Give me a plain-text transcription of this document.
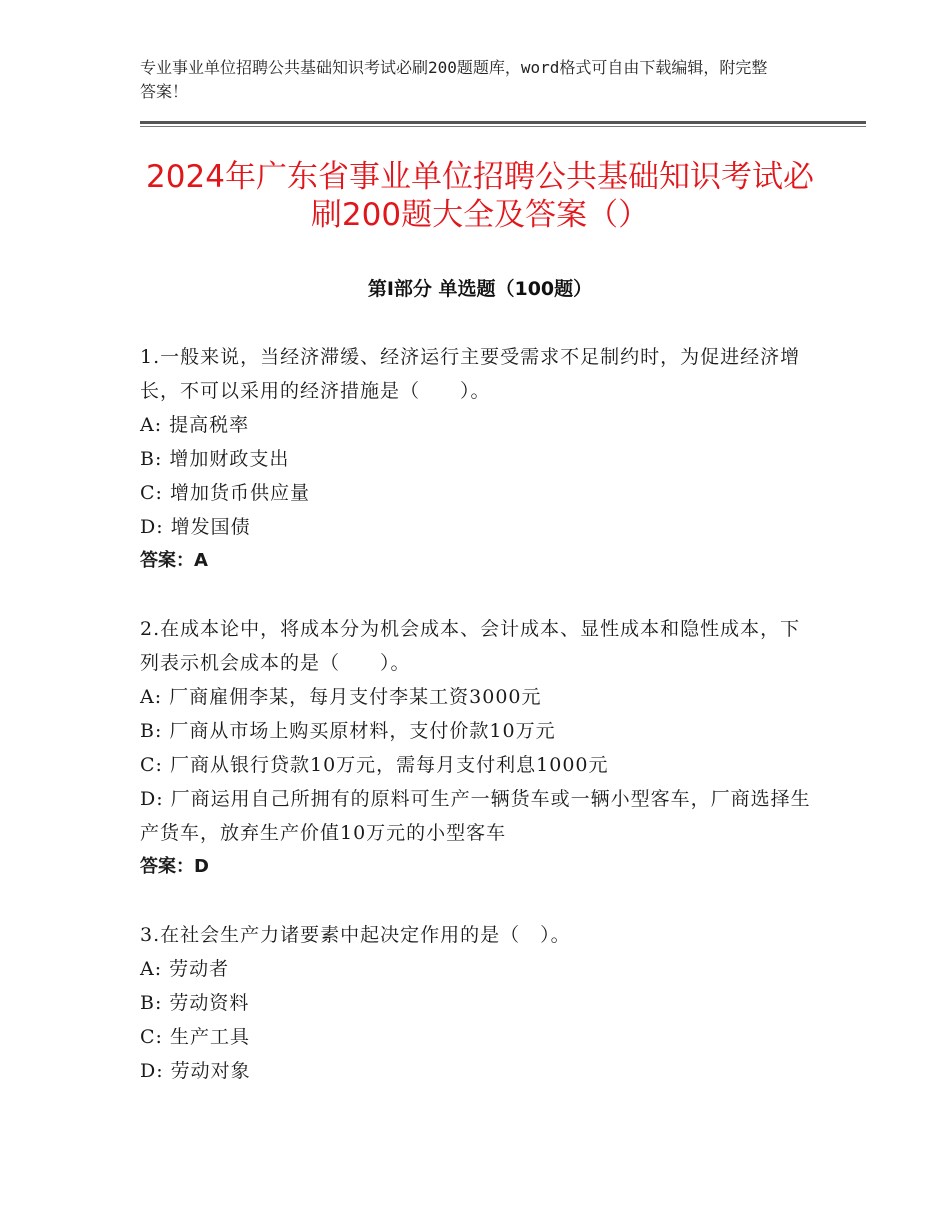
专业事业单位招聘公共基础知识考试必刷200题题库，word格式可自由下载编辑，附完整答案！
2024年广东省事业单位招聘公共基础知识考试必刷200题大全及答案（）
第Ⅰ部分 单选题（100题）
1.一般来说，当经济滞缓、经济运行主要受需求不足制约时，为促进经济增长，不可以采用的经济措施是（　　）。
A: 提高税率
B: 增加财政支出
C: 增加货币供应量
D: 增发国债
答案：A
2.在成本论中，将成本分为机会成本、会计成本、显性成本和隐性成本，下列表示机会成本的是（　　）。
A: 厂商雇佣李某，每月支付李某工资3000元
B: 厂商从市场上购买原材料，支付价款10万元
C: 厂商从银行贷款10万元，需每月支付利息1000元
D: 厂商运用自己所拥有的原料可生产一辆货车或一辆小型客车，厂商选择生产货车，放弃生产价值10万元的小型客车
答案：D
3.在社会生产力诸要素中起决定作用的是（　）。
A: 劳动者
B: 劳动资料
C: 生产工具
D: 劳动对象
